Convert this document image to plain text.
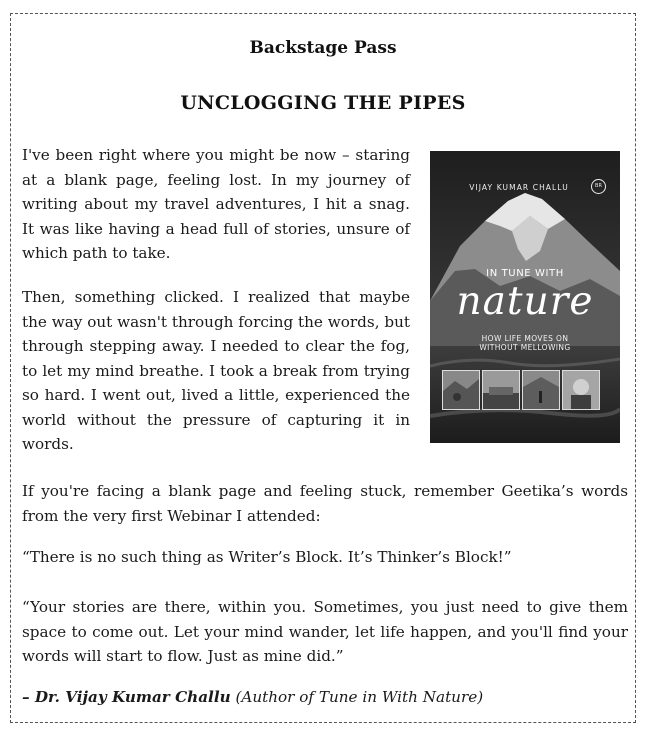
Backstage Pass
UNCLOGGING THE PIPES
I've been right where you might be now – staring at a blank page, feeling lost. In my journey of writing about my travel adventures, I hit a snag. It was like having a head full of stories, unsure of which path to take.
Then, something clicked. I realized that maybe the way out wasn't through forcing the words, but through stepping away. I needed to clear the fog, to let my mind breathe. I took a break from trying so hard. I went out, lived a little, experienced the world without the pressure of capturing it in words.
VIJAY KUMAR CHALLU	BR
IN TUNE WITH
nature
HOW LIFE MOVES ON
WITHOUT MELLOWING
If you're facing a blank page and feeling stuck, remember Geetika’s words from the very first Webinar I attended:
“There is no such thing as Writer’s Block. It’s Thinker’s Block!”
“Your stories are there, within you. Sometimes, you just need to give them space to come out. Let your mind wander, let life happen, and you'll find your words will start to flow. Just as mine did.”
– Dr. Vijay Kumar Challu (Author of Tune in With Nature)
